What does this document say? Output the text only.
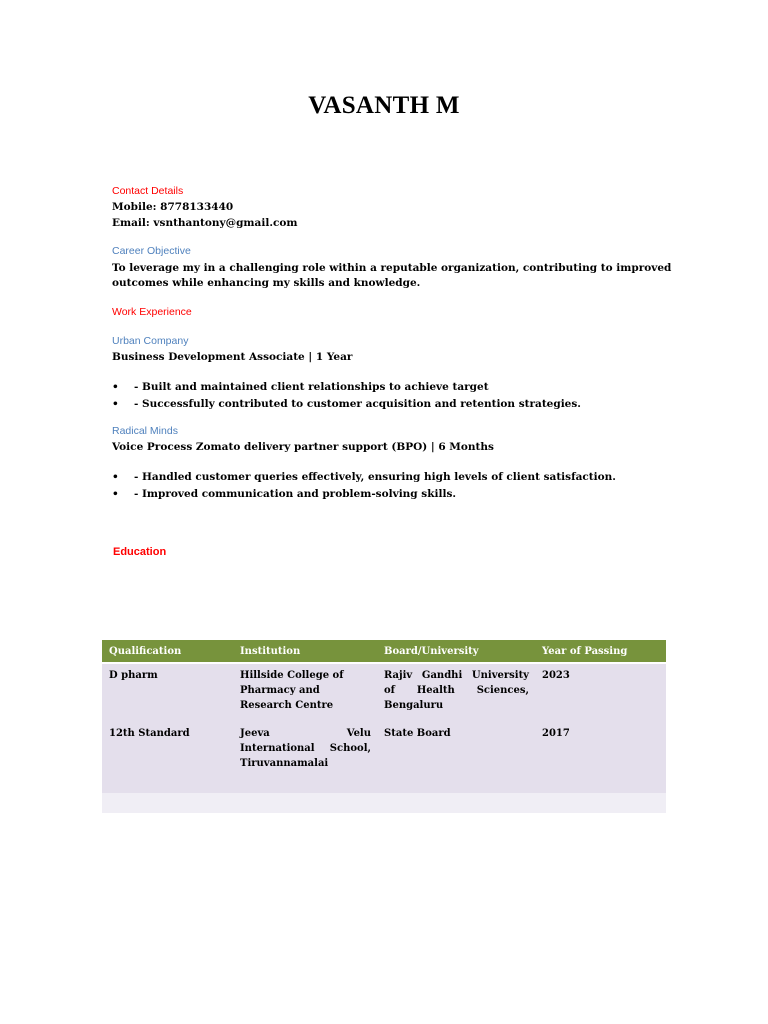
VASANTH M
Contact Details
Mobile: 8778133440
Email: vsnthantony@gmail.com
Career Objective
To leverage my in a challenging role within a reputable organization, contributing to improved
outcomes while enhancing my skills and knowledge.
Work Experience
Urban Company
Business Development Associate | 1 Year
• - Built and maintained client relationships to achieve target
• - Successfully contributed to customer acquisition and retention strategies.
Radical Minds
Voice Process Zomato delivery partner support (BPO) | 6 Months
• - Handled customer queries effectively, ensuring high levels of client satisfaction.
• - Improved communication and problem-solving skills.
Education
Qualification	Institution	Board/University	Year of Passing
D pharm	Hillside College of Pharmacy and Research Centre	Rajiv Gandhi University of Health Sciences, Bengaluru	2023
12th Standard	Jeeva Velu International School, Tiruvannamalai	State Board	2017
